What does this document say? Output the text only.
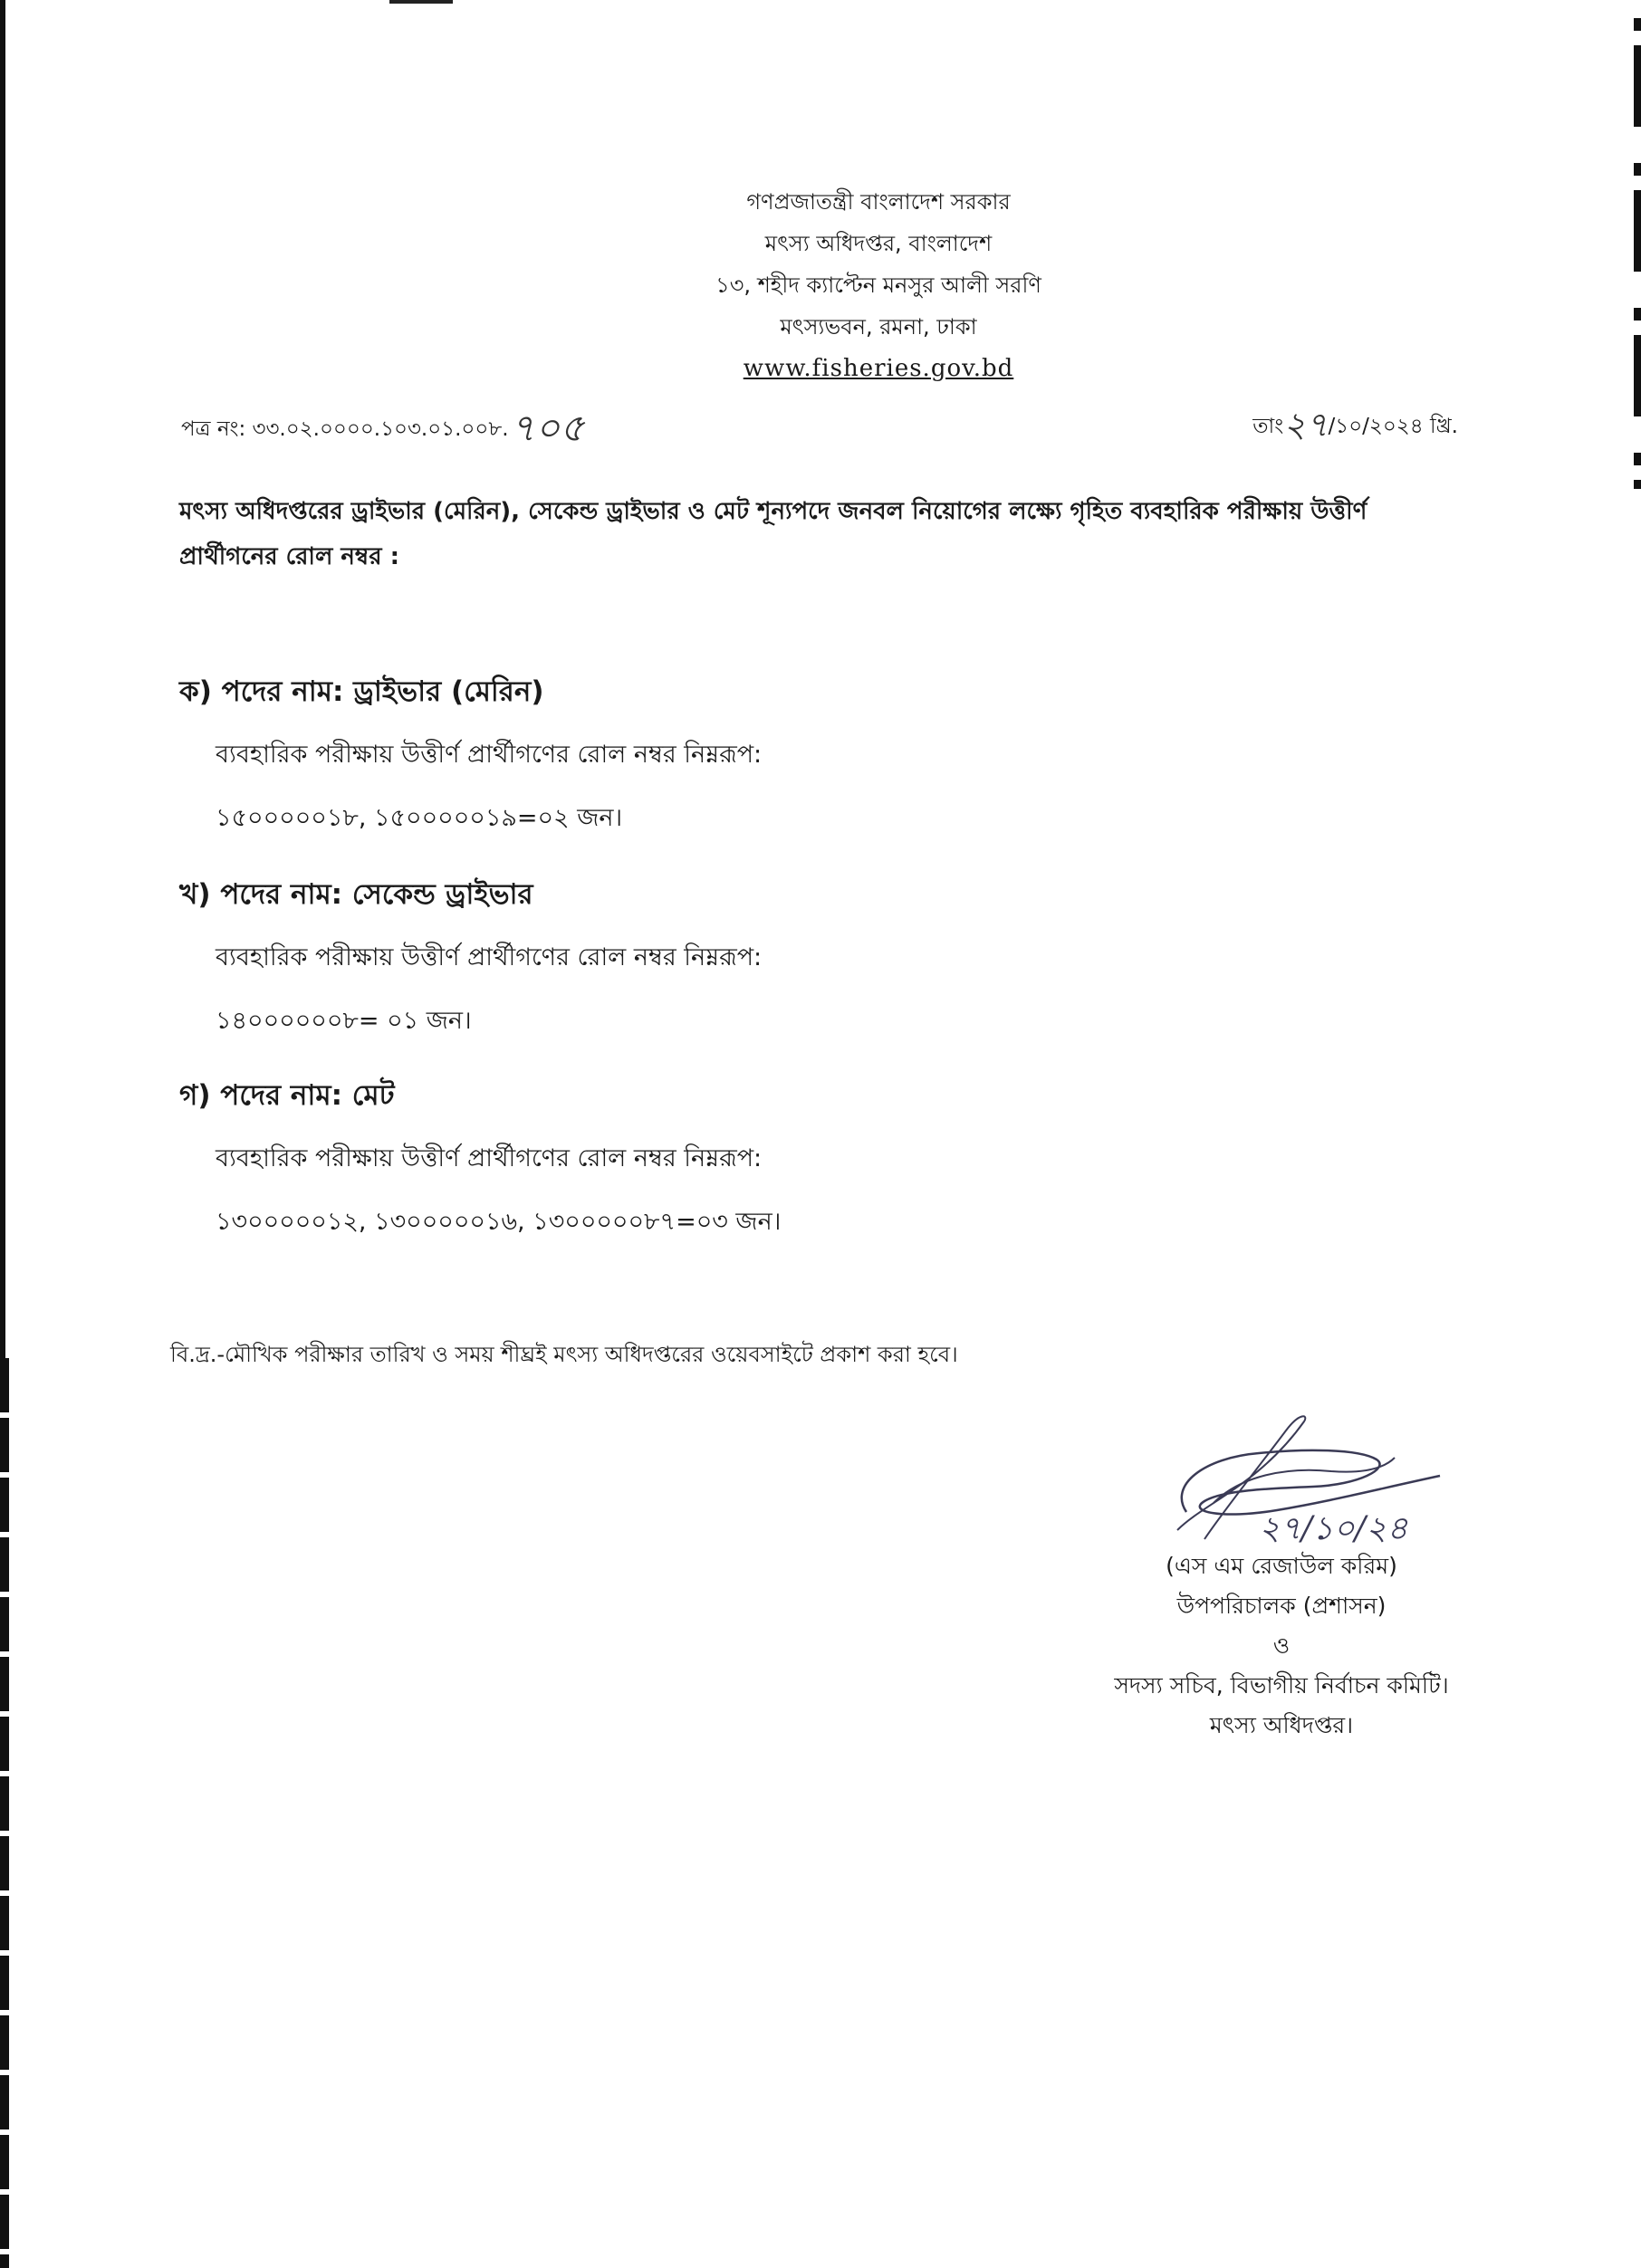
গণপ্রজাতন্ত্রী বাংলাদেশ সরকার
মৎস্য অধিদপ্তর, বাংলাদেশ
১৩, শহীদ ক্যাপ্টেন মনসুর আলী সরণি
মৎস্যভবন, রমনা, ঢাকা
www.fisheries.gov.bd
পত্র নং: ৩৩.০২.০০০০.১০৩.০১.০০৮.৭০৫	তাং২৭/১০/২০২৪ খ্রি.
মৎস্য অধিদপ্তরের ড্রাইভার (মেরিন), সেকেন্ড ড্রাইভার ও মেট শূন্যপদে জনবল নিয়োগের লক্ষ্যে গৃহিত ব্যবহারিক পরীক্ষায় উত্তীর্ণ প্রার্থীগনের রোল নম্বর :
ক) পদের নাম: ড্রাইভার (মেরিন)
ব্যবহারিক পরীক্ষায় উত্তীর্ণ প্রার্থীগণের রোল নম্বর নিম্নরূপ:
১৫০০০০০১৮, ১৫০০০০০১৯=০২ জন।
খ) পদের নাম: সেকেন্ড ড্রাইভার
ব্যবহারিক পরীক্ষায় উত্তীর্ণ প্রার্থীগণের রোল নম্বর নিম্নরূপ:
১৪০০০০০০৮= ০১ জন।
গ) পদের নাম: মেট
ব্যবহারিক পরীক্ষায় উত্তীর্ণ প্রার্থীগণের রোল নম্বর নিম্নরূপ:
১৩০০০০০১২, ১৩০০০০০১৬, ১৩০০০০০৮৭=০৩ জন।
বি.দ্র.-মৌখিক পরীক্ষার তারিখ ও সময় শীঘ্রই মৎস্য অধিদপ্তরের ওয়েবসাইটে প্রকাশ করা হবে।
২৭/১০/২৪
(এস এম রেজাউল করিম)
উপপরিচালক (প্রশাসন)
ও
সদস্য সচিব, বিভাগীয় নির্বাচন কমিটি।
মৎস্য অধিদপ্তর।
